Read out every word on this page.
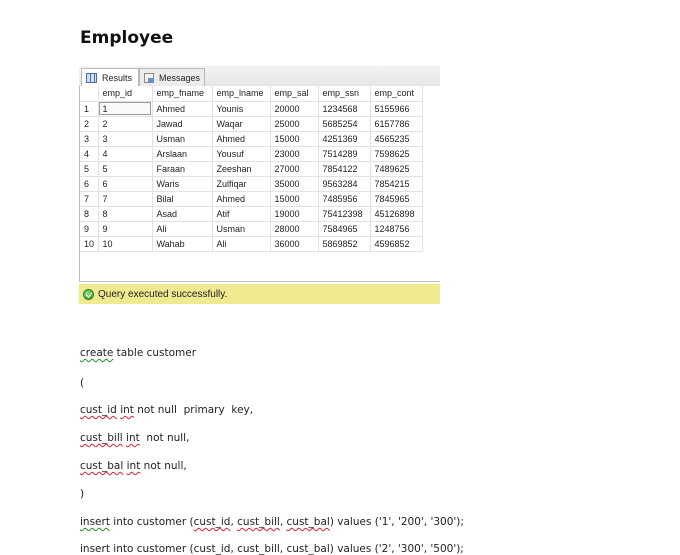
Employee
Results	Messages
	emp_id	emp_fname	emp_lname	emp_sal	emp_ssn	emp_cont
1	1	Ahmed	Younis	20000	1234568	5155966
2	2	Jawad	Waqar	25000	5685254	6157786
3	3	Usman	Ahmed	15000	4251369	4565235
4	4	Arslaan	Yousuf	23000	7514289	7598625
5	5	Faraan	Zeeshan	27000	7854122	7489625
6	6	Waris	Zulfiqar	35000	9563284	7854215
7	7	Bilal	Ahmed	15000	7485956	7845965
8	8	Asad	Atif	19000	75412398	45126898
9	9	Ali	Usman	28000	7584965	1248756
10	10	Wahab	Ali	36000	5869852	4596852
Query executed successfully.
create table customer
(
cust_id int not null  primary  key,
cust_bill int  not null,
cust_bal int not null,
)
insert into customer (cust_id, cust_bill, cust_bal) values ('1', '200', '300');
insert into customer (cust_id, cust_bill, cust_bal) values ('2', '300', '500');
